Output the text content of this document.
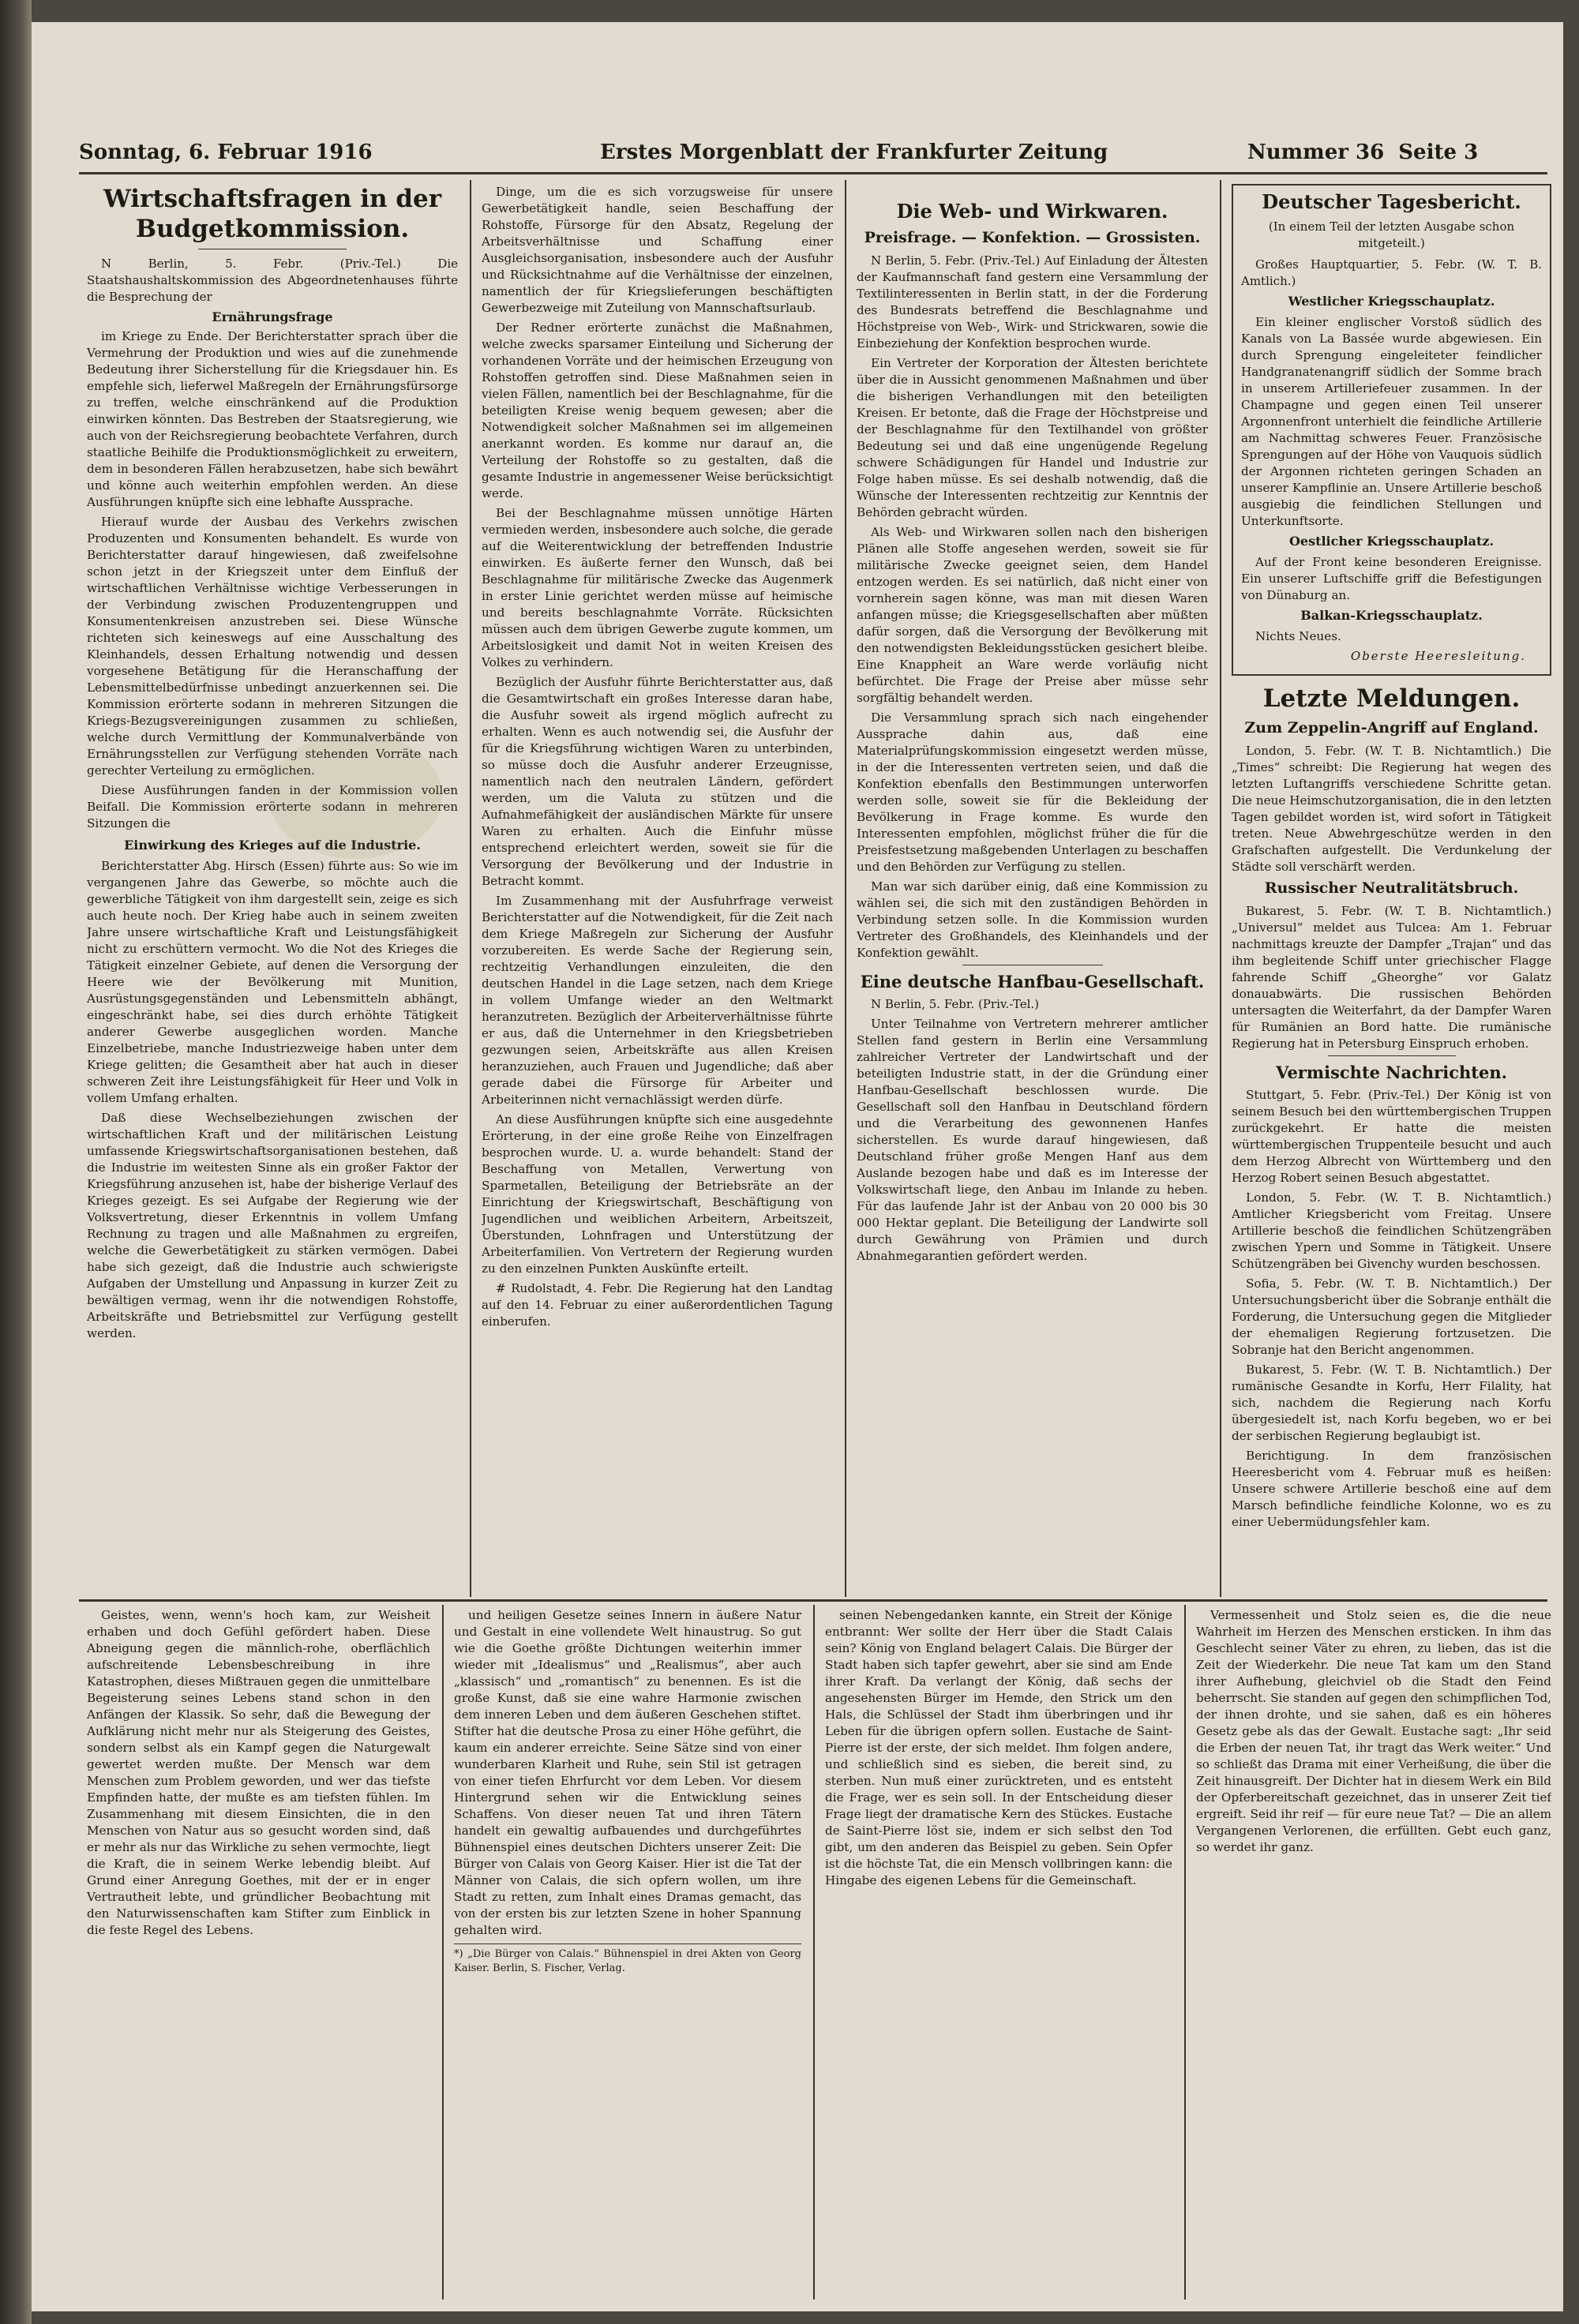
Sonntag, 6. Februar 1916	Erstes Morgenblatt der Frankfurter Zeitung	Nummer 36 Seite 3
Wirtschaftsfragen in der Budgetkommission.

N Berlin, 5. Febr. (Priv.-Tel.) Die Staatshaushaltskommission des Abgeordnetenhauses führte die Besprechung der

Ernährungsfrage

im Kriege zu Ende. Der Berichterstatter sprach über die Vermehrung der Produktion und wies auf die zunehmende Bedeutung ihrer Sicherstellung für die Kriegsdauer hin. Es empfehle sich, lieferwel Maßregeln der Ernährungsfürsorge zu treffen, welche einschränkend auf die Produktion einwirken könnten. Das Bestreben der Staatsregierung, wie auch von der Reichsregierung beobachtete Verfahren, durch staatliche Beihilfe die Produktionsmöglichkeit zu erweitern, dem in besonderen Fällen herabzusetzen, habe sich bewährt und könne auch weiterhin empfohlen werden. An diese Ausführungen knüpfte sich eine lebhafte Aussprache.

Hierauf wurde der Ausbau des Verkehrs zwischen Produzenten und Konsumenten behandelt. Es wurde von Berichterstatter darauf hingewiesen, daß zweifelsohne schon jetzt in der Kriegszeit unter dem Einfluß der wirtschaftlichen Verhältnisse wichtige Verbesserungen in der Verbindung zwischen Produzentengruppen und Konsumentenkreisen anzustreben sei. Diese Wünsche richteten sich keineswegs auf eine Ausschaltung des Kleinhandels, dessen Erhaltung notwendig und dessen vorgesehene Betätigung für die Heranschaffung der Lebensmittelbedürfnisse unbedingt anzuerkennen sei. Die Kommission erörterte sodann in mehreren Sitzungen die Kriegs-Bezugsvereinigungen zusammen zu schließen, welche durch Vermittlung der Kommunalverbände von Ernährungsstellen zur Verfügung stehenden Vorräte nach gerechter Verteilung zu ermöglichen.

Diese Ausführungen fanden in der Kommission vollen Beifall. Die Kommission erörterte sodann in mehreren Sitzungen die

Einwirkung des Krieges auf die Industrie.

Berichterstatter Abg. Hirsch (Essen) führte aus: So wie im vergangenen Jahre das Gewerbe, so möchte auch die gewerbliche Tätigkeit von ihm dargestellt sein, zeige es sich auch heute noch. Der Krieg habe auch in seinem zweiten Jahre unsere wirtschaftliche Kraft und Leistungsfähigkeit nicht zu erschüttern vermocht. Wo die Not des Krieges die Tätigkeit einzelner Gebiete, auf denen die Versorgung der Heere wie der Bevölkerung mit Munition, Ausrüstungsgegenständen und Lebensmitteln abhängt, eingeschränkt habe, sei dies durch erhöhte Tätigkeit anderer Gewerbe ausgeglichen worden. Manche Einzelbetriebe, manche Industriezweige haben unter dem Kriege gelitten; die Gesamtheit aber hat auch in dieser schweren Zeit ihre Leistungsfähigkeit für Heer und Volk in vollem Umfang erhalten.

Daß diese Wechselbeziehungen zwischen der wirtschaftlichen Kraft und der militärischen Leistung umfassende Kriegswirtschaftsorganisationen bestehen, daß die Industrie im weitesten Sinne als ein großer Faktor der Kriegsführung anzusehen ist, habe der bisherige Verlauf des Krieges gezeigt. Es sei Aufgabe der Regierung wie der Volksvertretung, dieser Erkenntnis in vollem Umfang Rechnung zu tragen und alle Maßnahmen zu ergreifen, welche die Gewerbetätigkeit zu stärken vermögen. Dabei habe sich gezeigt, daß die Industrie auch schwierigste Aufgaben der Umstellung und Anpassung in kurzer Zeit zu bewältigen vermag, wenn ihr die notwendigen Rohstoffe, Arbeitskräfte und Betriebsmittel zur Verfügung gestellt werden.

Dinge, um die es sich vorzugsweise für unsere Gewerbetätigkeit handle, seien Beschaffung der Rohstoffe, Fürsorge für den Absatz, Regelung der Arbeitsverhältnisse und Schaffung einer Ausgleichsorganisation, insbesondere auch der Ausfuhr und Rücksichtnahme auf die Verhältnisse der einzelnen, namentlich der für Kriegslieferungen beschäftigten Gewerbezweige mit Zuteilung von Mannschaftsurlaub.

Der Redner erörterte zunächst die Maßnahmen, welche zwecks sparsamer Einteilung und Sicherung der vorhandenen Vorräte und der heimischen Erzeugung von Rohstoffen getroffen sind. Diese Maßnahmen seien in vielen Fällen, namentlich bei der Beschlagnahme, für die beteiligten Kreise wenig bequem gewesen; aber die Notwendigkeit solcher Maßnahmen sei im allgemeinen anerkannt worden. Es komme nur darauf an, die Verteilung der Rohstoffe so zu gestalten, daß die gesamte Industrie in angemessener Weise berücksichtigt werde.

Bei der Beschlagnahme müssen unnötige Härten vermieden werden, insbesondere auch solche, die gerade auf die Weiterentwicklung der betreffenden Industrie einwirken. Es äußerte ferner den Wunsch, daß bei Beschlagnahme für militärische Zwecke das Augenmerk in erster Linie gerichtet werden müsse auf heimische und bereits beschlagnahmte Vorräte. Rücksichten müssen auch dem übrigen Gewerbe zugute kommen, um Arbeitslosigkeit und damit Not in weiten Kreisen des Volkes zu verhindern.

Bezüglich der Ausfuhr führte Berichterstatter aus, daß die Gesamtwirtschaft ein großes Interesse daran habe, die Ausfuhr soweit als irgend möglich aufrecht zu erhalten. Wenn es auch notwendig sei, die Ausfuhr der für die Kriegsführung wichtigen Waren zu unterbinden, so müsse doch die Ausfuhr anderer Erzeugnisse, namentlich nach den neutralen Ländern, gefördert werden, um die Valuta zu stützen und die Aufnahmefähigkeit der ausländischen Märkte für unsere Waren zu erhalten. Auch die Einfuhr müsse entsprechend erleichtert werden, soweit sie für die Versorgung der Bevölkerung und der Industrie in Betracht kommt.

Im Zusammenhang mit der Ausfuhrfrage verweist Berichterstatter auf die Notwendigkeit, für die Zeit nach dem Kriege Maßregeln zur Sicherung der Ausfuhr vorzubereiten. Es werde Sache der Regierung sein, rechtzeitig Verhandlungen einzuleiten, die den deutschen Handel in die Lage setzen, nach dem Kriege in vollem Umfange wieder an den Weltmarkt heranzutreten. Bezüglich der Arbeiterverhältnisse führte er aus, daß die Unternehmer in den Kriegsbetrieben gezwungen seien, Arbeitskräfte aus allen Kreisen heranzuziehen, auch Frauen und Jugendliche; daß aber gerade dabei die Fürsorge für Arbeiter und Arbeiterinnen nicht vernachlässigt werden dürfe.

An diese Ausführungen knüpfte sich eine ausgedehnte Erörterung, in der eine große Reihe von Einzelfragen besprochen wurde. U. a. wurde behandelt: Stand der Beschaffung von Metallen, Verwertung von Sparmetallen, Beteiligung der Betriebsräte an der Einrichtung der Kriegswirtschaft, Beschäftigung von Jugendlichen und weiblichen Arbeitern, Arbeitszeit, Überstunden, Lohnfragen und Unterstützung der Arbeiterfamilien. Von Vertretern der Regierung wurden zu den einzelnen Punkten Auskünfte erteilt.

# Rudolstadt, 4. Febr. Die Regierung hat den Landtag auf den 14. Februar zu einer außerordentlichen Tagung einberufen.

Die Web- und Wirkwaren.
Preisfrage. — Konfektion. — Grossisten.

N Berlin, 5. Febr. (Priv.-Tel.) Auf Einladung der Ältesten der Kaufmannschaft fand gestern eine Versammlung der Textilinteressenten in Berlin statt, in der die Forderung des Bundesrats betreffend die Beschlagnahme und Höchstpreise von Web-, Wirk- und Strickwaren, sowie die Einbeziehung der Konfektion besprochen wurde.

Ein Vertreter der Korporation der Ältesten berichtete über die in Aussicht genommenen Maßnahmen und über die bisherigen Verhandlungen mit den beteiligten Kreisen. Er betonte, daß die Frage der Höchstpreise und der Beschlagnahme für den Textilhandel von größter Bedeutung sei und daß eine ungenügende Regelung schwere Schädigungen für Handel und Industrie zur Folge haben müsse. Es sei deshalb notwendig, daß die Wünsche der Interessenten rechtzeitig zur Kenntnis der Behörden gebracht würden.

Als Web- und Wirkwaren sollen nach den bisherigen Plänen alle Stoffe angesehen werden, soweit sie für militärische Zwecke geeignet seien, dem Handel entzogen werden. Es sei natürlich, daß nicht einer von vornherein sagen könne, was man mit diesen Waren anfangen müsse; die Kriegsgesellschaften aber müßten dafür sorgen, daß die Versorgung der Bevölkerung mit den notwendigsten Bekleidungsstücken gesichert bleibe. Eine Knappheit an Ware werde vorläufig nicht befürchtet. Die Frage der Preise aber müsse sehr sorgfältig behandelt werden.

Die Versammlung sprach sich nach eingehender Aussprache dahin aus, daß eine Materialprüfungskommission eingesetzt werden müsse, in der die Interessenten vertreten seien, und daß die Konfektion ebenfalls den Bestimmungen unterworfen werden solle, soweit sie für die Bekleidung der Bevölkerung in Frage komme. Es wurde den Interessenten empfohlen, möglichst früher die für die Preisfestsetzung maßgebenden Unterlagen zu beschaffen und den Behörden zur Verfügung zu stellen.

Man war sich darüber einig, daß eine Kommission zu wählen sei, die sich mit den zuständigen Behörden in Verbindung setzen solle. In die Kommission wurden Vertreter des Großhandels, des Kleinhandels und der Konfektion gewählt.

Eine deutsche Hanfbau-Gesellschaft.

N Berlin, 5. Febr. (Priv.-Tel.)

Unter Teilnahme von Vertretern mehrerer amtlicher Stellen fand gestern in Berlin eine Versammlung zahlreicher Vertreter der Landwirtschaft und der beteiligten Industrie statt, in der die Gründung einer Hanfbau-Gesellschaft beschlossen wurde. Die Gesellschaft soll den Hanfbau in Deutschland fördern und die Verarbeitung des gewonnenen Hanfes sicherstellen. Es wurde darauf hingewiesen, daß Deutschland früher große Mengen Hanf aus dem Auslande bezogen habe und daß es im Interesse der Volkswirtschaft liege, den Anbau im Inlande zu heben. Für das laufende Jahr ist der Anbau von 20 000 bis 30 000 Hektar geplant. Die Beteiligung der Landwirte soll durch Gewährung von Prämien und durch Abnahmegarantien gefördert werden.

Deutscher Tagesbericht.
(In einem Teil der letzten Ausgabe schon mitgeteilt.)

Großes Hauptquartier, 5. Febr. (W. T. B. Amtlich.)

Westlicher Kriegsschauplatz.

Ein kleiner englischer Vorstoß südlich des Kanals von La Bassée wurde abgewiesen. Ein durch Sprengung eingeleiteter feindlicher Handgranatenangriff südlich der Somme brach in unserem Artilleriefeuer zusammen. In der Champagne und gegen einen Teil unserer Argonnenfront unterhielt die feindliche Artillerie am Nachmittag schweres Feuer. Französische Sprengungen auf der Höhe von Vauquois südlich der Argonnen richteten geringen Schaden an unserer Kampflinie an. Unsere Artillerie beschoß ausgiebig die feindlichen Stellungen und Unterkunftsorte.

Oestlicher Kriegsschauplatz.

Auf der Front keine besonderen Ereignisse. Ein unserer Luftschiffe griff die Befestigungen von Dünaburg an.

Balkan-Kriegsschauplatz.

Nichts Neues.

Oberste Heeresleitung.
Letzte Meldungen.
Zum Zeppelin-Angriff auf England.

London, 5. Febr. (W. T. B. Nichtamtlich.) Die „Times“ schreibt: Die Regierung hat wegen des letzten Luftangriffs verschiedene Schritte getan. Die neue Heimschutzorganisation, die in den letzten Tagen gebildet worden ist, wird sofort in Tätigkeit treten. Neue Abwehrgeschütze werden in den Grafschaften aufgestellt. Die Verdunkelung der Städte soll verschärft werden.

Russischer Neutralitätsbruch.

Bukarest, 5. Febr. (W. T. B. Nichtamtlich.) „Universul“ meldet aus Tulcea: Am 1. Februar nachmittags kreuzte der Dampfer „Trajan“ und das ihm begleitende Schiff unter griechischer Flagge fahrende Schiff „Gheorghe“ vor Galatz donauabwärts. Die russischen Behörden untersagten die Weiterfahrt, da der Dampfer Waren für Rumänien an Bord hatte. Die rumänische Regierung hat in Petersburg Einspruch erhoben.

Vermischte Nachrichten.

Stuttgart, 5. Febr. (Priv.-Tel.) Der König ist von seinem Besuch bei den württembergischen Truppen zurückgekehrt. Er hatte die meisten württembergischen Truppenteile besucht und auch dem Herzog Albrecht von Württemberg und den Herzog Robert seinen Besuch abgestattet.

London, 5. Febr. (W. T. B. Nichtamtlich.) Amtlicher Kriegsbericht vom Freitag. Unsere Artillerie beschoß die feindlichen Schützengräben zwischen Ypern und Somme in Tätigkeit. Unsere Schützengräben bei Givenchy wurden beschossen.

Sofia, 5. Febr. (W. T. B. Nichtamtlich.) Der Untersuchungsbericht über die Sobranje enthält die Forderung, die Untersuchung gegen die Mitglieder der ehemaligen Regierung fortzusetzen. Die Sobranje hat den Bericht angenommen.

Bukarest, 5. Febr. (W. T. B. Nichtamtlich.) Der rumänische Gesandte in Korfu, Herr Filality, hat sich, nachdem die Regierung nach Korfu übergesiedelt ist, nach Korfu begeben, wo er bei der serbischen Regierung beglaubigt ist.

Berichtigung. In dem französischen Heeresbericht vom 4. Februar muß es heißen: Unsere schwere Artillerie beschoß eine auf dem Marsch befindliche feindliche Kolonne, wo es zu einer Uebermüdungsfehler kam.

Geistes, wenn, wenn's hoch kam, zur Weisheit erhaben und doch Gefühl gefördert haben. Diese Abneigung gegen die männlich-rohe, oberflächlich aufschreitende Lebensbeschreibung in ihre Katastrophen, dieses Mißtrauen gegen die unmittelbare Begeisterung seines Lebens stand schon in den Anfängen der Klassik. So sehr, daß die Bewegung der Aufklärung nicht mehr nur als Steigerung des Geistes, sondern selbst als ein Kampf gegen die Naturgewalt gewertet werden mußte. Der Mensch war dem Menschen zum Problem geworden, und wer das tiefste Empfinden hatte, der mußte es am tiefsten fühlen. Im Zusammenhang mit diesem Einsichten, die in den Menschen von Natur aus so gesucht worden sind, daß er mehr als nur das Wirkliche zu sehen vermochte, liegt die Kraft, die in seinem Werke lebendig bleibt. Auf Grund einer Anregung Goethes, mit der er in enger Vertrautheit lebte, und gründlicher Beobachtung mit den Naturwissenschaften kam Stifter zum Einblick in die feste Regel des Lebens.

und heiligen Gesetze seines Innern in äußere Natur und Gestalt in eine vollendete Welt hinaustrug. So gut wie die Goethe größte Dichtungen weiterhin immer wieder mit „Idealismus“ und „Realismus“, aber auch „klassisch“ und „romantisch“ zu benennen. Es ist die große Kunst, daß sie eine wahre Harmonie zwischen dem inneren Leben und dem äußeren Geschehen stiftet. Stifter hat die deutsche Prosa zu einer Höhe geführt, die kaum ein anderer erreichte. Seine Sätze sind von einer wunderbaren Klarheit und Ruhe, sein Stil ist getragen von einer tiefen Ehrfurcht vor dem Leben. Vor diesem Hintergrund sehen wir die Entwicklung seines Schaffens. Von dieser neuen Tat und ihren Tätern handelt ein gewaltig aufbauendes und durchgeführtes Bühnenspiel eines deutschen Dichters unserer Zeit: Die Bürger von Calais von Georg Kaiser. Hier ist die Tat der Männer von Calais, die sich opfern wollen, um ihre Stadt zu retten, zum Inhalt eines Dramas gemacht, das von der ersten bis zur letzten Szene in hoher Spannung gehalten wird.

*) „Die Bürger von Calais.“ Bühnenspiel in drei Akten von Georg Kaiser. Berlin, S. Fischer, Verlag.

seinen Nebengedanken kannte, ein Streit der Könige entbrannt: Wer sollte der Herr über die Stadt Calais sein? König von England belagert Calais. Die Bürger der Stadt haben sich tapfer gewehrt, aber sie sind am Ende ihrer Kraft. Da verlangt der König, daß sechs der angesehensten Bürger im Hemde, den Strick um den Hals, die Schlüssel der Stadt ihm überbringen und ihr Leben für die übrigen opfern sollen. Eustache de Saint-Pierre ist der erste, der sich meldet. Ihm folgen andere, und schließlich sind es sieben, die bereit sind, zu sterben. Nun muß einer zurücktreten, und es entsteht die Frage, wer es sein soll. In der Entscheidung dieser Frage liegt der dramatische Kern des Stückes. Eustache de Saint-Pierre löst sie, indem er sich selbst den Tod gibt, um den anderen das Beispiel zu geben. Sein Opfer ist die höchste Tat, die ein Mensch vollbringen kann: die Hingabe des eigenen Lebens für die Gemeinschaft.

Vermessenheit und Stolz seien es, die die neue Wahrheit im Herzen des Menschen ersticken. In ihm das Geschlecht seiner Väter zu ehren, zu lieben, das ist die Zeit der Wiederkehr. Die neue Tat kam um den Stand ihrer Aufhebung, gleichviel ob die Stadt den Feind beherrscht. Sie standen auf gegen den schimpflichen Tod, der ihnen drohte, und sie sahen, daß es ein höheres Gesetz gebe als das der Gewalt. Eustache sagt: „Ihr seid die Erben der neuen Tat, ihr tragt das Werk weiter.“ Und so schließt das Drama mit einer Verheißung, die über die Zeit hinausgreift. Der Dichter hat in diesem Werk ein Bild der Opferbereitschaft gezeichnet, das in unserer Zeit tief ergreift. Seid ihr reif — für eure neue Tat? — Die an allem Vergangenen Verlorenen, die erfüllten. Gebt euch ganz, so werdet ihr ganz.
